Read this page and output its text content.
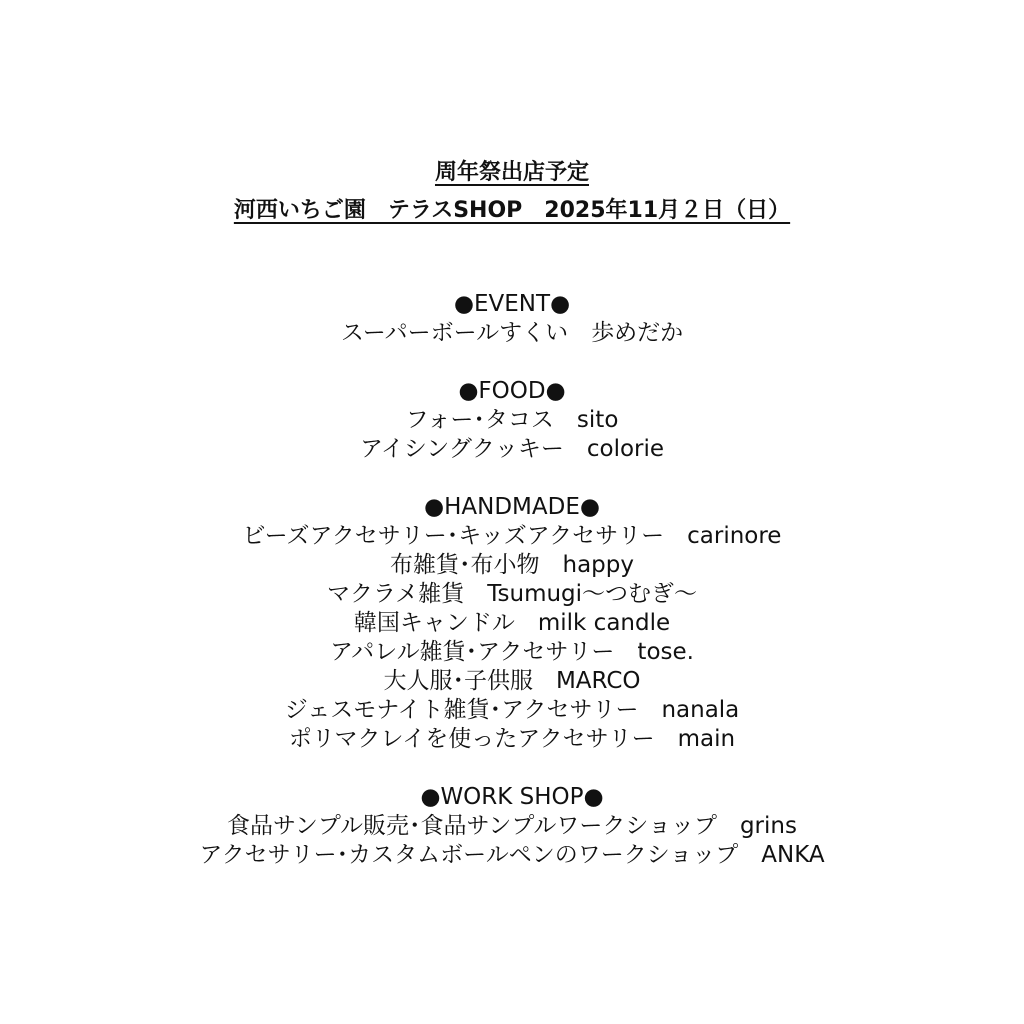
周年祭出店予定
河西いちご園　テラスSHOP　2025年11月２日（日）
●EVENT●
スーパーボールすくい　歩めだか
●FOOD●
フォー･タコス　sito
アイシングクッキー　colorie
●HANDMADE●
ビーズアクセサリー･キッズアクセサリー　carinore
布雑貨･布小物　happy
マクラメ雑貨　Tsumugi～つむぎ～
韓国キャンドル　milk candle
アパレル雑貨･アクセサリー　tose.
大人服･子供服　MARCO
ジェスモナイト雑貨･アクセサリー　nanala
ポリマクレイを使ったアクセサリー　main
●WORK SHOP●
食品サンプル販売･食品サンプルワークショップ　grins
アクセサリー･カスタムボールペンのワークショップ　ANKA
